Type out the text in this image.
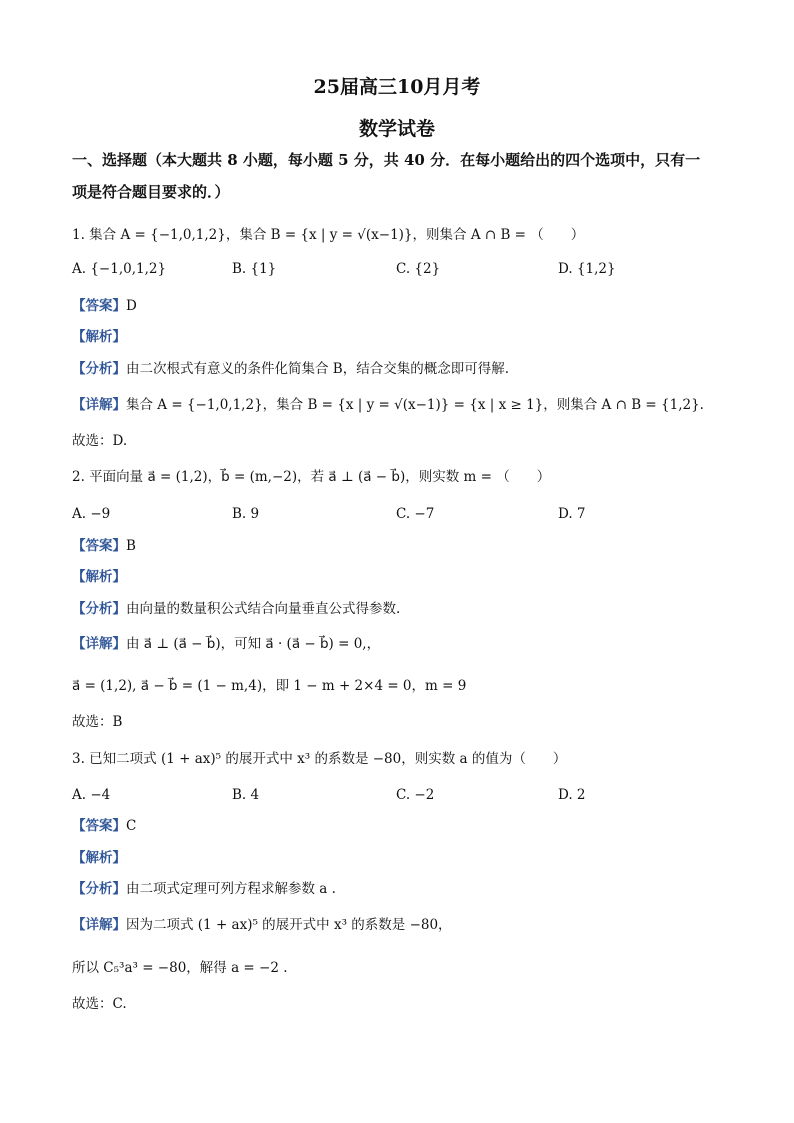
25届高三10月月考
数学试卷
一、选择题（本大题共 8 小题，每小题 5 分，共 40 分．在每小题给出的四个选项中，只有一
项是符合题目要求的．）
1. 集合 A = {−1,0,1,2}，集合 B = {x | y = √(x−1)}，则集合 A ∩ B = （　　）
A. {−1,0,1,2}	B. {1}	C. {2}	D. {1,2}
【答案】D
【解析】
【分析】由二次根式有意义的条件化简集合 B，结合交集的概念即可得解.
【详解】集合 A = {−1,0,1,2}，集合 B = {x | y = √(x−1)} = {x | x ≥ 1}，则集合 A ∩ B = {1,2}.
故选：D.
2. 平面向量 a⃗ = (1,2)，b⃗ = (m,−2)，若 a⃗ ⊥ (a⃗ − b⃗)，则实数 m = （　　）
A. −9	B. 9	C. −7	D. 7
【答案】B
【解析】
【分析】由向量的数量积公式结合向量垂直公式得参数.
【详解】由 a⃗ ⊥ (a⃗ − b⃗)，可知 a⃗ · (a⃗ − b⃗) = 0,，
a⃗ = (1,2), a⃗ − b⃗ = (1 − m,4)，即 1 − m + 2×4 = 0，m = 9
故选：B
3. 已知二项式 (1 + ax)⁵ 的展开式中 x³ 的系数是 −80，则实数 a 的值为（　　）
A. −4	B. 4	C. −2	D. 2
【答案】C
【解析】
【分析】由二项式定理可列方程求解参数 a .
【详解】因为二项式 (1 + ax)⁵ 的展开式中 x³ 的系数是 −80，
所以 C₅³a³ = −80，解得 a = −2 .
故选：C.
